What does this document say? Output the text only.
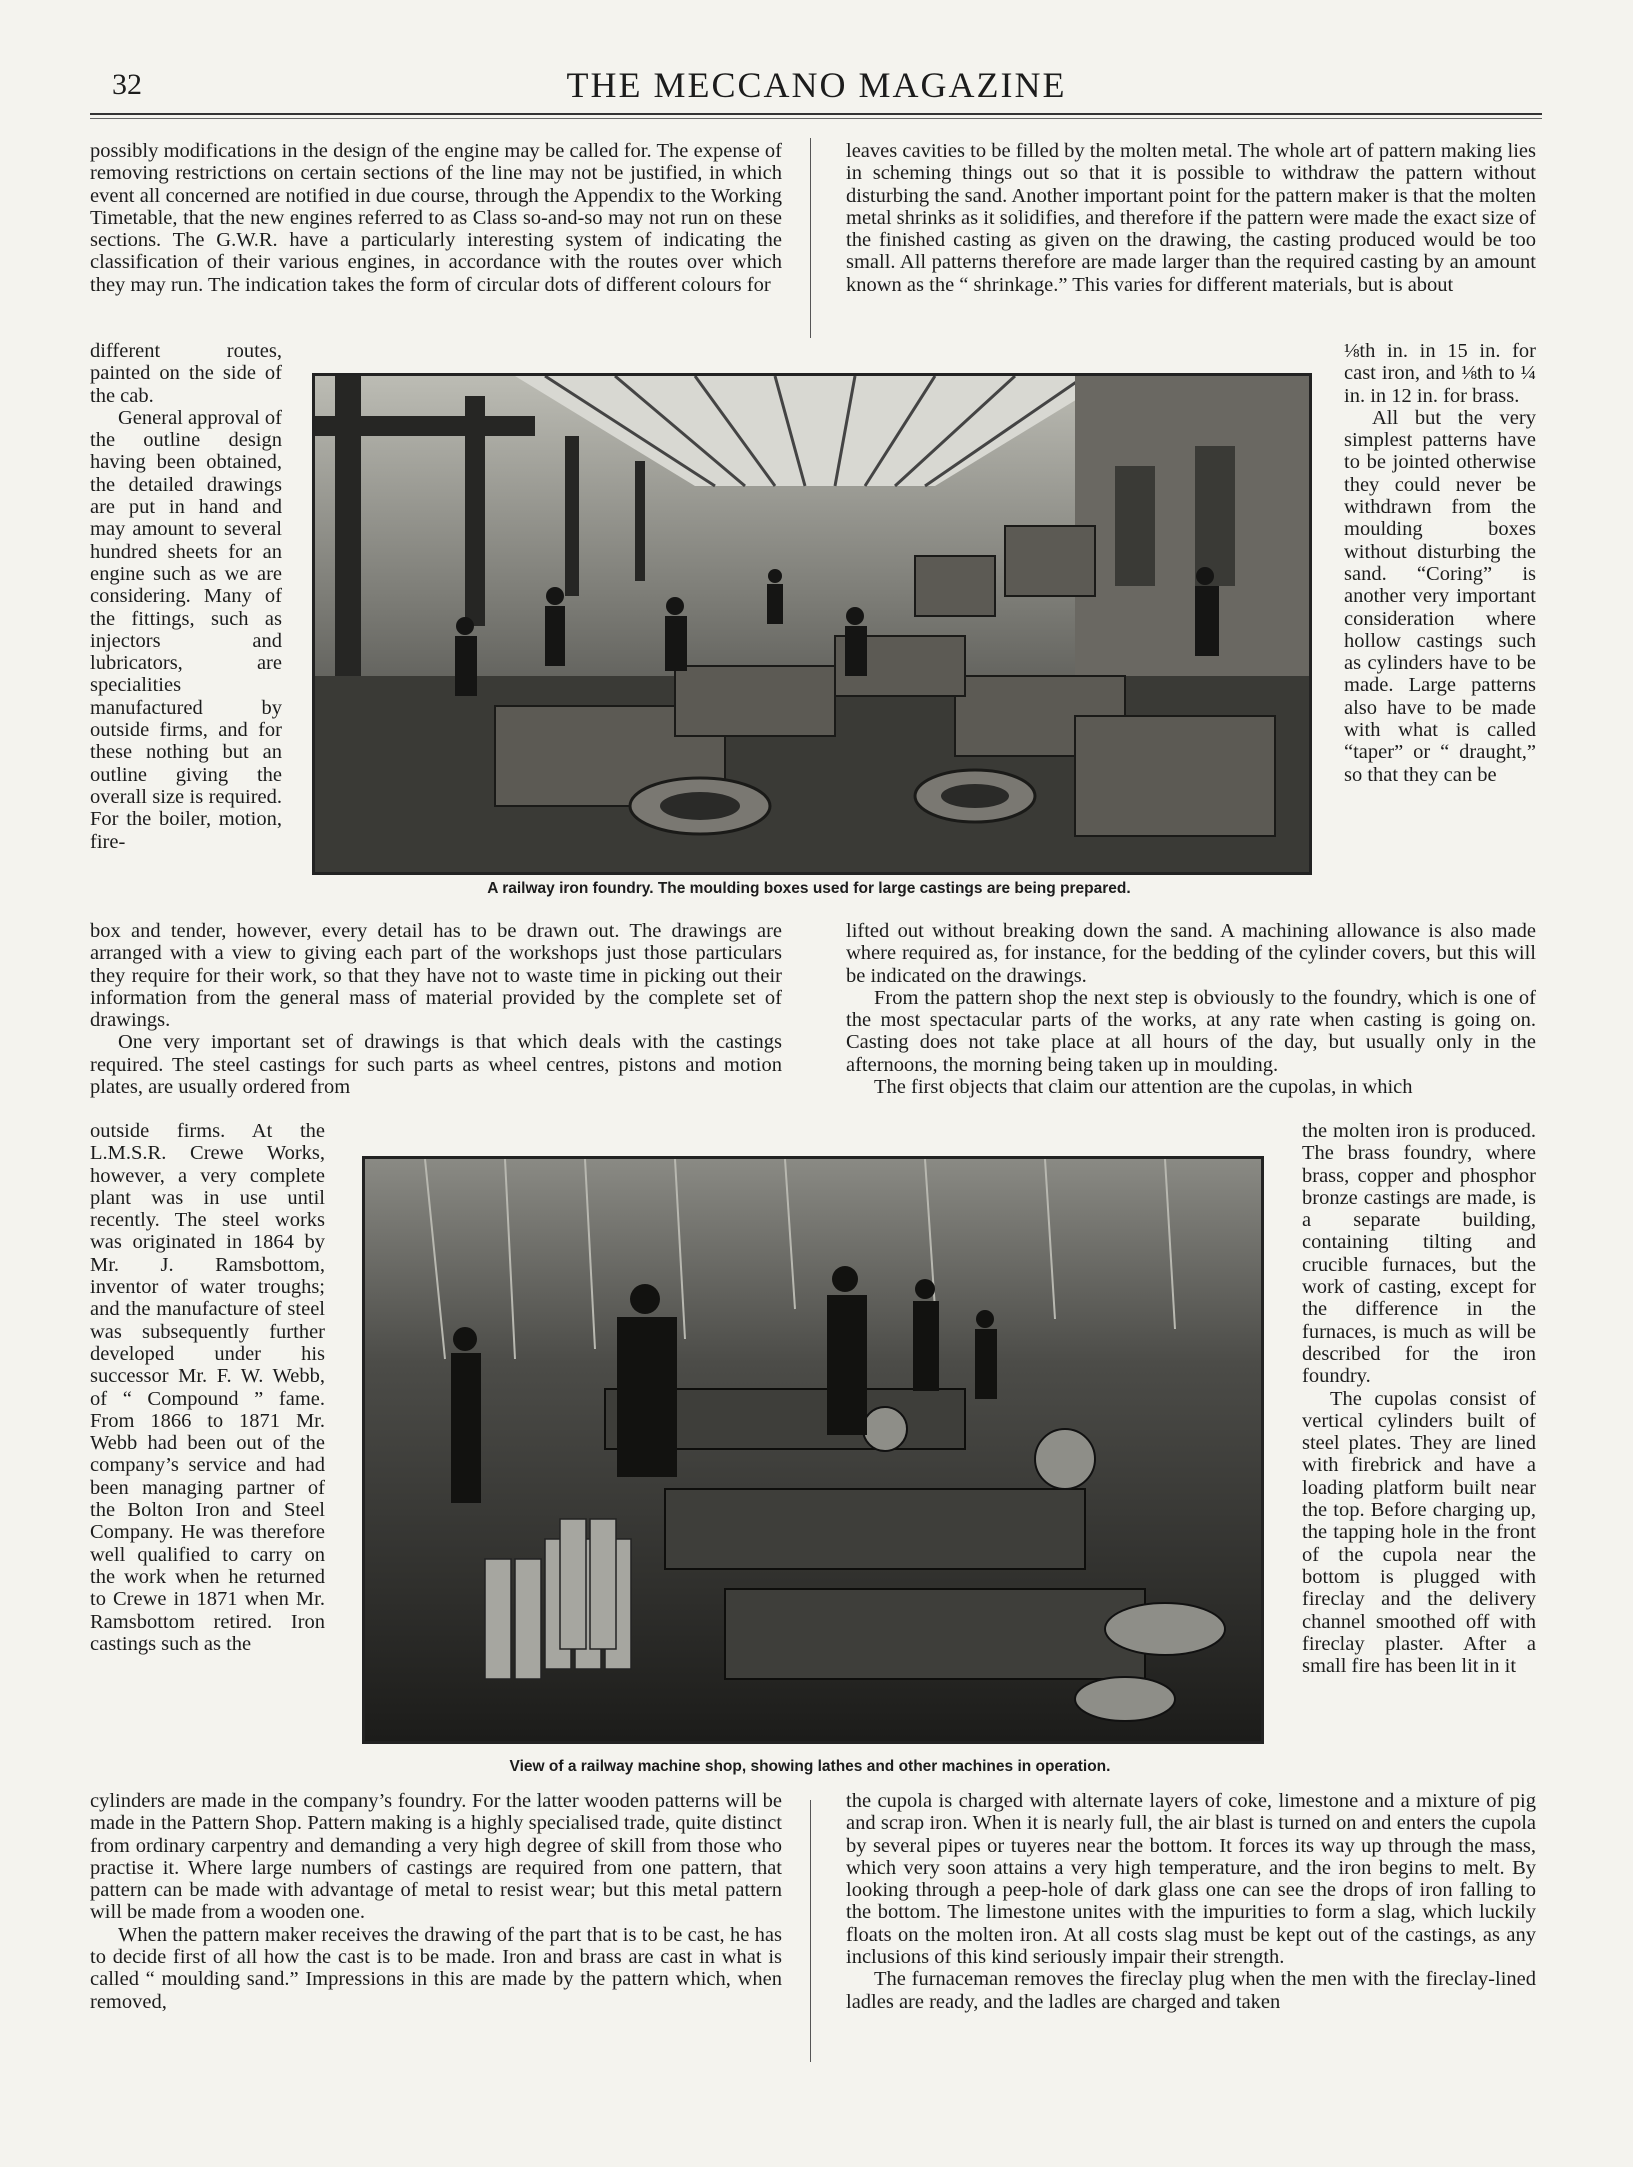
32	THE MECCANO MAGAZINE

possibly modifications in the design of the engine may be called for. The expense of removing restrictions on certain sections of the line may not be justified, in which event all concerned are notified in due course, through the Appendix to the Working Timetable, that the new engines referred to as Class so-and-so may not run on these sections. The G.W.R. have a particularly interesting system of indicating the classification of their various engines, in accordance with the routes over which they may run. The indication takes the form of circular dots of different colours for

different routes, painted on the side of the cab.

General approval of the outline design having been obtained, the detailed drawings are put in hand and may amount to several hundred sheets for an engine such as we are considering. Many of the fittings, such as injectors and lubricators, are specialities manufactured by outside firms, and for these nothing but an outline giving the overall size is required. For the boiler, motion, fire-

box and tender, however, every detail has to be drawn out. The drawings are arranged with a view to giving each part of the workshops just those particulars they require for their work, so that they have not to waste time in picking out their information from the general mass of material provided by the complete set of drawings.

One very important set of drawings is that which deals with the castings required. The steel castings for such parts as wheel centres, pistons and motion plates, are usually ordered from

outside firms. At the L.M.S.R. Crewe Works, however, a very complete plant was in use until recently. The steel works was originated in 1864 by Mr. J. Ramsbottom, inventor of water troughs; and the manufacture of steel was subsequently further developed under his successor Mr. F. W. Webb, of “ Compound ” fame. From 1866 to 1871 Mr. Webb had been out of the company’s service and had been managing partner of the Bolton Iron and Steel Company. He was therefore well qualified to carry on the work when he returned to Crewe in 1871 when Mr. Ramsbottom retired. Iron castings such as the

cylinders are made in the company’s foundry. For the latter wooden patterns will be made in the Pattern Shop. Pattern making is a highly specialised trade, quite distinct from ordinary carpentry and demanding a very high degree of skill from those who practise it. Where large numbers of castings are required from one pattern, that pattern can be made with advantage of metal to resist wear; but this metal pattern will be made from a wooden one.

When the pattern maker receives the drawing of the part that is to be cast, he has to decide first of all how the cast is to be made. Iron and brass are cast in what is called “ moulding sand.” Impressions in this are made by the pattern which, when removed,

leaves cavities to be filled by the molten metal. The whole art of pattern making lies in scheming things out so that it is possible to withdraw the pattern without disturbing the sand. Another important point for the pattern maker is that the molten metal shrinks as it solidifies, and therefore if the pattern were made the exact size of the finished casting as given on the drawing, the casting produced would be too small. All patterns therefore are made larger than the required casting by an amount known as the “ shrinkage.” This varies for different materials, but is about

⅛th in. in 15 in. for cast iron, and ⅛th to ¼ in. in 12 in. for brass.

All but the very simplest patterns have to be jointed otherwise they could never be withdrawn from the moulding boxes without disturbing the sand. “Coring” is another very important consideration where hollow castings such as cylinders have to be made. Large patterns also have to be made with what is called “taper” or “ draught,” so that they can be

lifted out without breaking down the sand. A machining allowance is also made where required as, for instance, for the bedding of the cylinder covers, but this will be indicated on the drawings.

From the pattern shop the next step is obviously to the foundry, which is one of the most spectacular parts of the works, at any rate when casting is going on. Casting does not take place at all hours of the day, but usually only in the afternoons, the morning being taken up in moulding.

The first objects that claim our attention are the cupolas, in which

the molten iron is produced. The brass foundry, where brass, copper and phosphor bronze castings are made, is a separate building, containing tilting and crucible furnaces, but the work of casting, except for the difference in the furnaces, is much as will be described for the iron foundry.

The cupolas consist of vertical cylinders built of steel plates. They are lined with firebrick and have a loading platform built near the top. Before charging up, the tapping hole in the front of the cupola near the bottom is plugged with fireclay and the delivery channel smoothed off with fireclay plaster. After a small fire has been lit in it

the cupola is charged with alternate layers of coke, limestone and a mixture of pig and scrap iron. When it is nearly full, the air blast is turned on and enters the cupola by several pipes or tuyeres near the bottom. It forces its way up through the mass, which very soon attains a very high temperature, and the iron begins to melt. By looking through a peep-hole of dark glass one can see the drops of iron falling to the bottom. The limestone unites with the impurities to form a slag, which luckily floats on the molten iron. At all costs slag must be kept out of the castings, as any inclusions of this kind seriously impair their strength.

The furnaceman removes the fireclay plug when the men with the fireclay-lined ladles are ready, and the ladles are charged and taken

A railway iron foundry. The moulding boxes used for large castings are being prepared.
View of a railway machine shop, showing lathes and other machines in operation.
